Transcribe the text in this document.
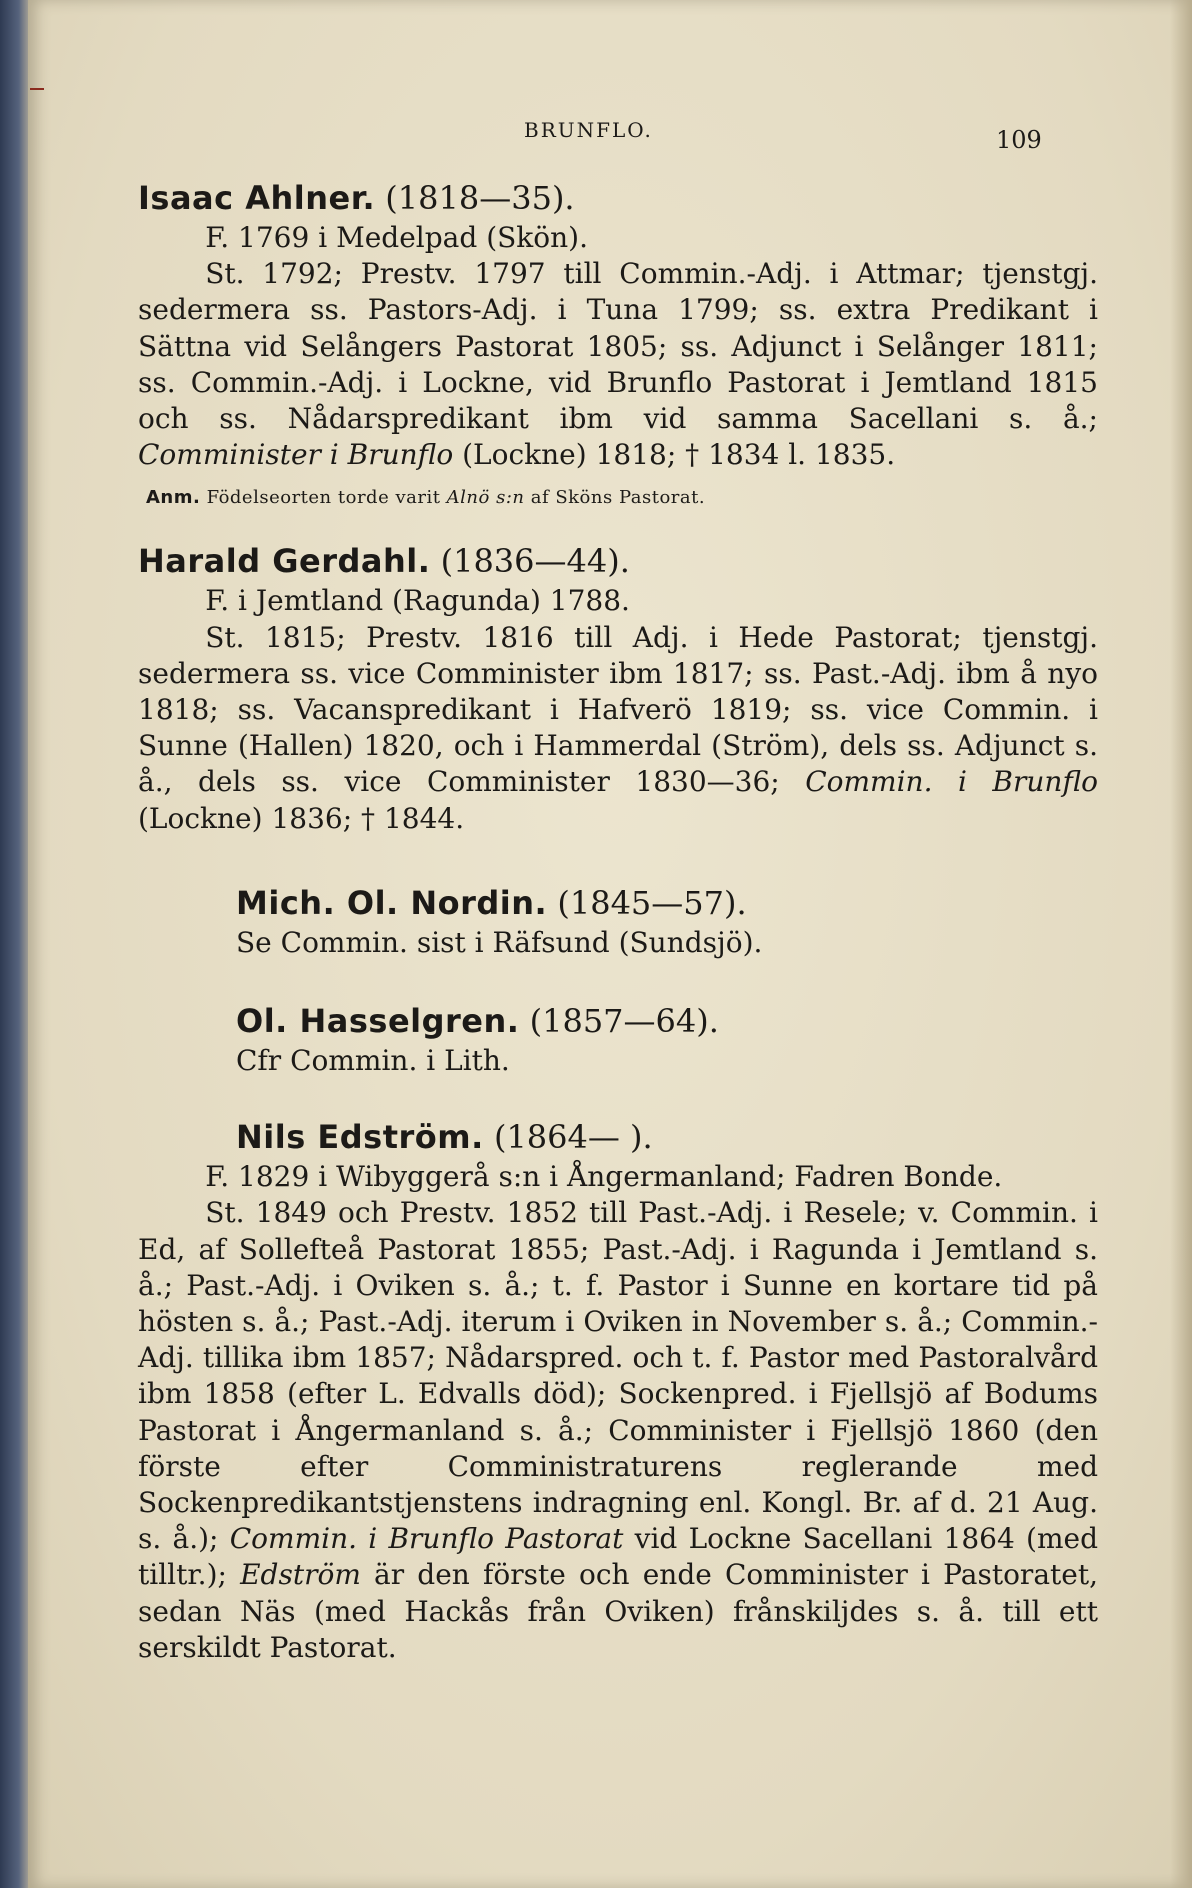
BRUNFLO.	109

Isaac Ahlner. (1818—35).

F. 1769 i Medelpad (Skön).

St. 1792; Prestv. 1797 till Commin.-Adj. i Attmar; tjenstgj. sedermera ss. Pastors-Adj. i Tuna 1799; ss. extra Predikant i Sättna vid Selångers Pastorat 1805; ss. Adjunct i Selånger 1811; ss. Commin.-Adj. i Lockne, vid Brunflo Pastorat i Jemtland 1815 och ss. Nådarspredikant ibm vid samma Sacellani s. å.; Comminister i Brunflo (Lockne) 1818; † 1834 l. 1835.

Anm. Födelseorten torde varit Alnö s:n af Sköns Pastorat.

Harald Gerdahl. (1836—44).

F. i Jemtland (Ragunda) 1788.

St. 1815; Prestv. 1816 till Adj. i Hede Pastorat; tjenstgj. sedermera ss. vice Comminister ibm 1817; ss. Past.-Adj. ibm å nyo 1818; ss. Vacanspredikant i Hafverö 1819; ss. vice Commin. i Sunne (Hallen) 1820, och i Hammerdal (Ström), dels ss. Adjunct s. å., dels ss. vice Comminister 1830—36; Commin. i Brunflo (Lockne) 1836; † 1844.

Mich. Ol. Nordin. (1845—57).

Se Commin. sist i Räfsund (Sundsjö).

Ol. Hasselgren. (1857—64).

Cfr Commin. i Lith.

Nils Edström. (1864— ).

F. 1829 i Wibyggerå s:n i Ångermanland; Fadren Bonde.

St. 1849 och Prestv. 1852 till Past.-Adj. i Resele; v. Commin. i Ed, af Sollefteå Pastorat 1855; Past.-Adj. i Ragunda i Jemtland s. å.; Past.-Adj. i Oviken s. å.; t. f. Pastor i Sunne en kortare tid på hösten s. å.; Past.-Adj. iterum i Oviken in November s. å.; Commin.-Adj. tillika ibm 1857; Nådarspred. och t. f. Pastor med Pastoralvård ibm 1858 (efter L. Edvalls död); Sockenpred. i Fjellsjö af Bodums Pastorat i Ångermanland s. å.; Comminister i Fjellsjö 1860 (den förste efter Comministraturens reglerande med Sockenpredikantstjenstens indragning enl. Kongl. Br. af d. 21 Aug. s. å.); Commin. i Brunflo Pastorat vid Lockne Sacellani 1864 (med tilltr.); Edström är den förste och ende Comminister i Pastoratet, sedan Näs (med Hackås från Oviken) frånskiljdes s. å. till ett serskildt Pastorat.
